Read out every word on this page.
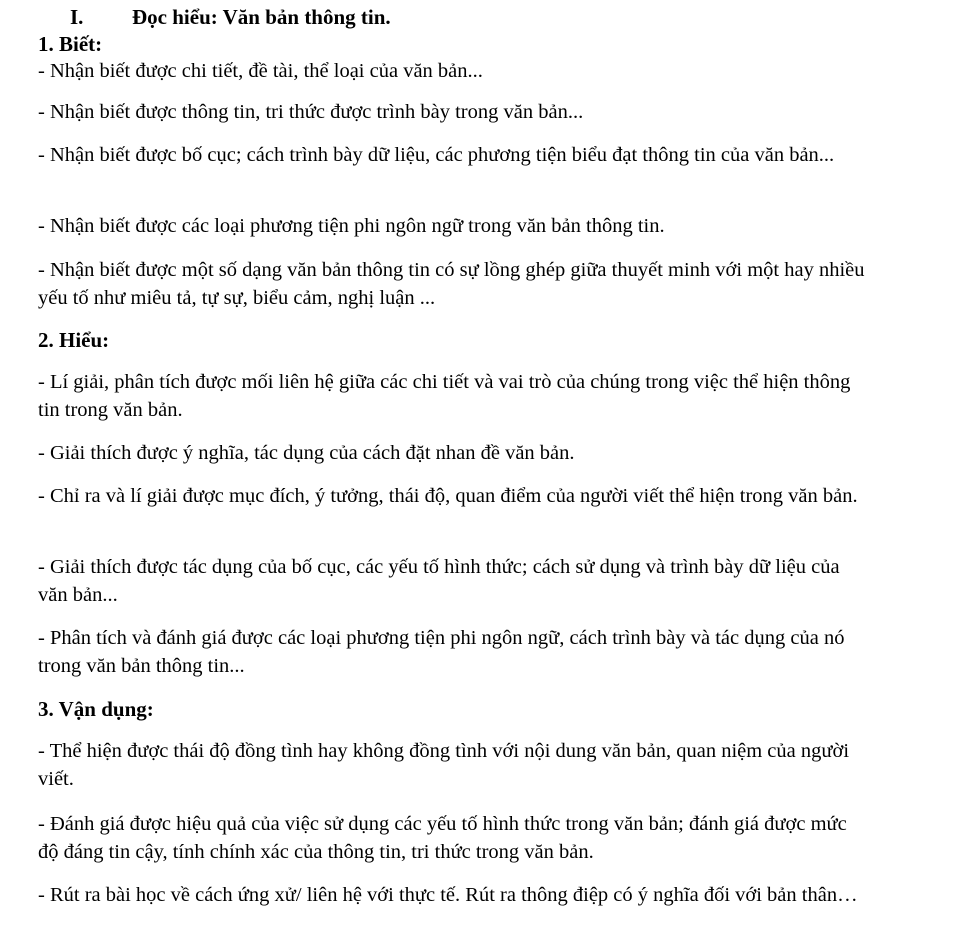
I. Đọc hiểu: Văn bản thông tin.
1. Biết:
- Nhận biết được chi tiết, đề tài, thể loại của văn bản...
- Nhận biết được thông tin, tri thức được trình bày trong văn bản...
- Nhận biết được bố cục; cách trình bày dữ liệu, các phương tiện biểu đạt thông tin của văn bản...
- Nhận biết được các loại phương tiện phi ngôn ngữ trong văn bản thông tin.
- Nhận biết được một số dạng văn bản thông tin có sự lồng ghép giữa thuyết minh với một hay nhiều yếu tố như miêu tả, tự sự, biểu cảm, nghị luận ...
2. Hiểu:
- Lí giải, phân tích được mối liên hệ giữa các chi tiết và vai trò của chúng trong việc thể hiện thông tin trong văn bản.
- Giải thích được ý nghĩa, tác dụng của cách đặt nhan đề văn bản.
- Chỉ ra và lí giải được mục đích, ý tưởng, thái độ, quan điểm của người viết thể hiện trong văn bản.
- Giải thích được tác dụng của bố cục, các yếu tố hình thức; cách sử dụng và trình bày dữ liệu của văn bản...
- Phân tích và đánh giá được các loại phương tiện phi ngôn ngữ, cách trình bày và tác dụng của nó trong văn bản thông tin...
3. Vận dụng:
- Thể hiện được thái độ đồng tình hay không đồng tình với nội dung văn bản, quan niệm của người viết.
- Đánh giá được hiệu quả của việc sử dụng các yếu tố hình thức trong văn bản; đánh giá được mức độ đáng tin cậy, tính chính xác của thông tin, tri thức trong văn bản.
- Rút ra bài học về cách ứng xử/ liên hệ với thực tế. Rút ra thông điệp có ý nghĩa đối với bản thân…
